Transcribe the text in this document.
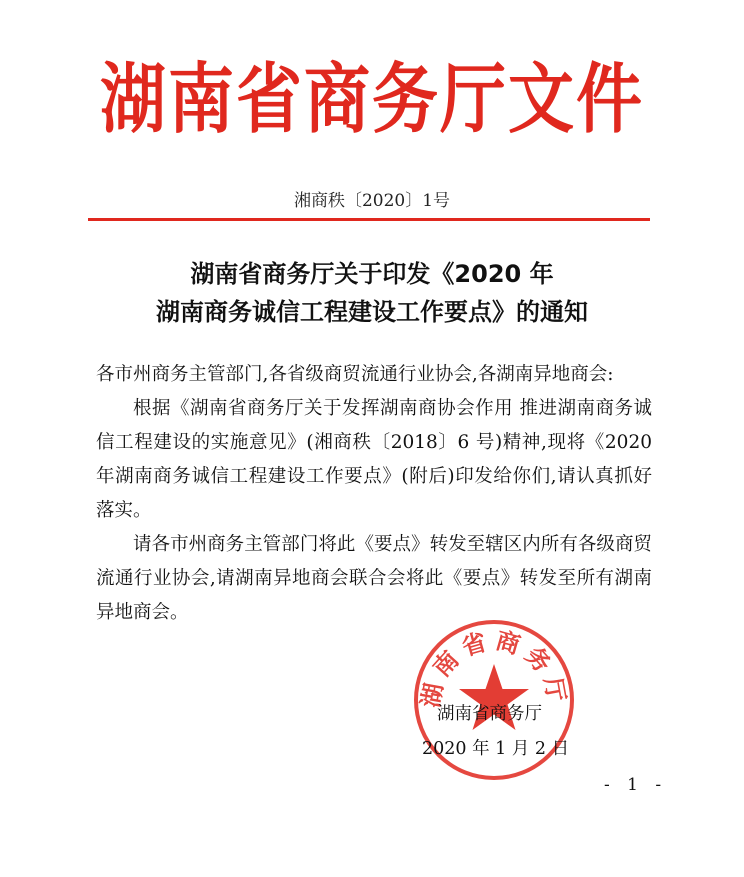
湖南省商务厅文件
湘商秩〔2020〕1号
湖南省商务厅关于印发《2020 年
湖南商务诚信工程建设工作要点》的通知

各市州商务主管部门,各省级商贸流通行业协会,各湖南异地商会:

根据《湖南省商务厅关于发挥湖南商协会作用 推进湖南商务诚信工程建设的实施意见》(湘商秩〔2018〕6 号)精神,现将《2020 年湖南商务诚信工程建设工作要点》(附后)印发给你们,请认真抓好落实。

请各市州商务主管部门将此《要点》转发至辖区内所有各级商贸流通行业协会,请湖南异地商会联合会将此《要点》转发至所有湖南异地商会。

湖南省商务厅
湖南省商务厅
2020 年 1 月 2 日
- 1 -
